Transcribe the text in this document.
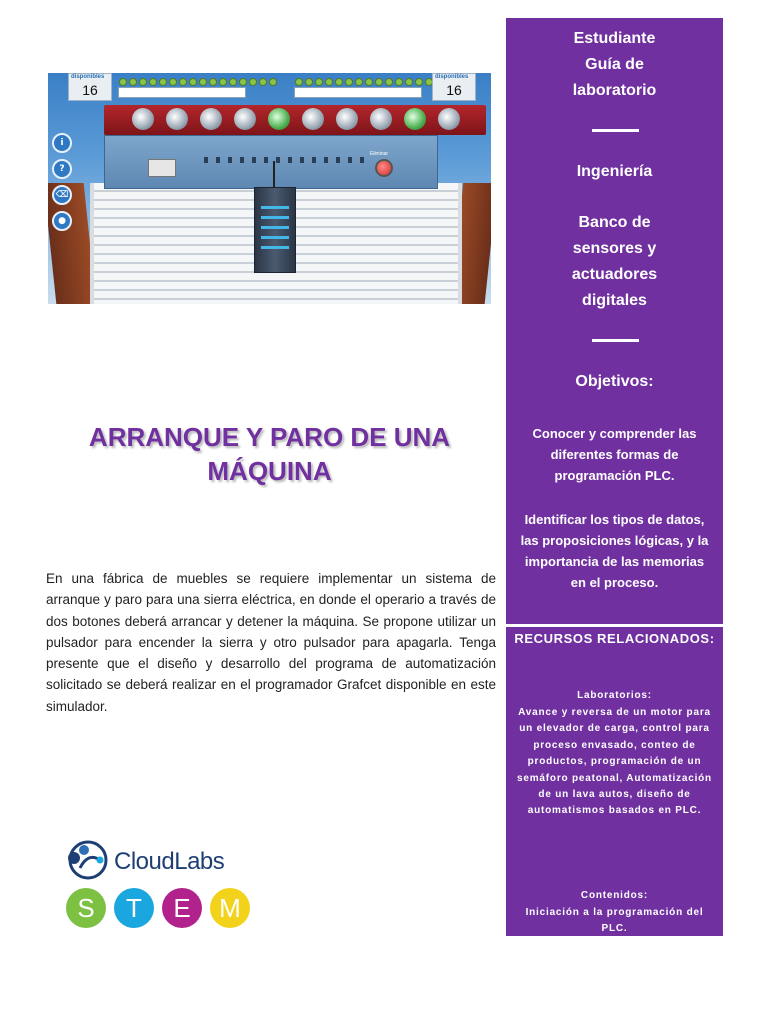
Eliminar
disponibles
16
disponibles
16
i
?
⌫
●
ARRANQUE Y PARO DE UNA
MÁQUINA

En una fábrica de muebles se requiere implementar un sistema de arranque y paro para una sierra eléctrica, en donde el operario a través de dos botones deberá arrancar y detener la máquina. Se propone utilizar un pulsador para encender la sierra y otro pulsador para apagarla. Tenga presente que el diseño y desarrollo del programa de automatización solicitado se deberá realizar en el programador Grafcet disponible en este simulador.

CloudLabs
S	T	E	M
Estudiante
Guía de
laboratorio
Ingeniería
Banco de
sensores y
actuadores
digitales
Objetivos:

Conocer y comprender las diferentes formas de programación PLC.

Identificar los tipos de datos, las proposiciones lógicas, y la importancia de las memorias en el proceso.

RECURSOS RELACIONADOS:

Laboratorios:

Avance y reversa de un motor para un elevador de carga, control para proceso envasado, conteo de productos, programación de un semáforo peatonal, Automatización de un lava autos, diseño de automatismos basados en PLC.

Contenidos:

Iniciación a la programación del PLC.
